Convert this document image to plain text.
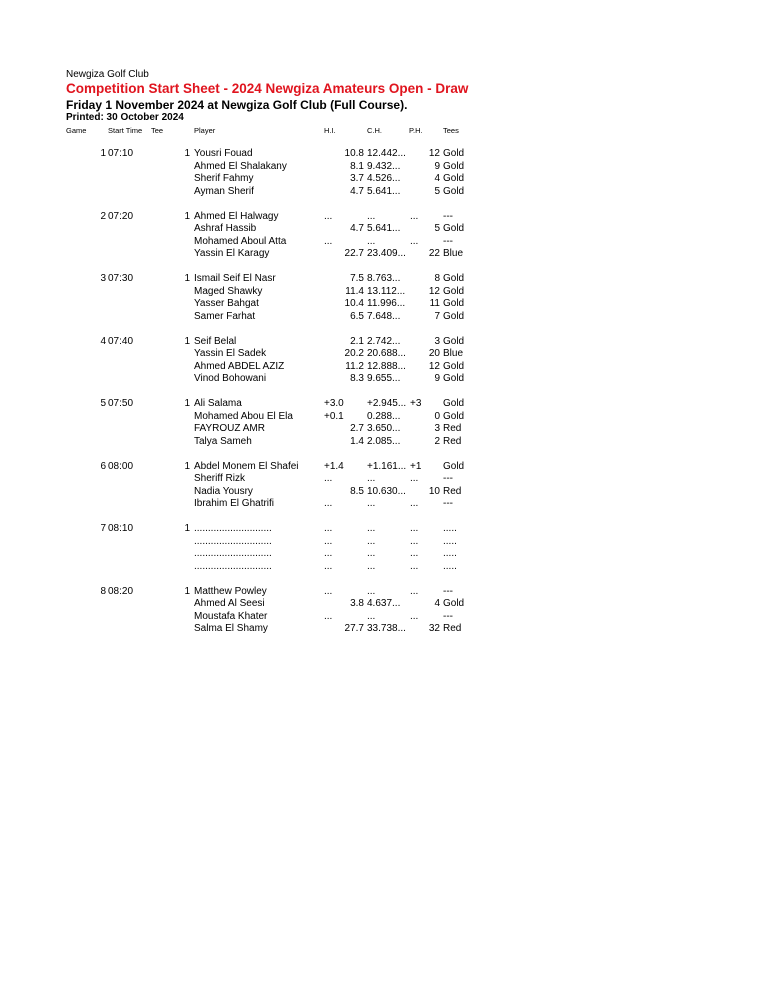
Newgiza Golf Club
Competition Start Sheet - 2024 Newgiza Amateurs Open - Draw
Friday 1 November 2024 at Newgiza Golf Club (Full Course).
Printed: 30 October 2024
Game	Start Time Tee	Player	H.I.	C.H.	P.H.	Tees
1 07:10	1 Yousri Fouad	10.8 12.442...	12 Gold
Ahmed El Shalakany	8.1 9.432...	9 Gold
Sherif Fahmy	3.7 4.526...	4 Gold
Ayman Sherif	4.7 5.641...	5 Gold
2 07:20	1 Ahmed El Halwagy	...	...	...	---
Ashraf Hassib	4.7 5.641...	5 Gold
Mohamed Aboul Atta	...	...	...	---
Yassin El Karagy	22.7 23.409...	22 Blue
3 07:30	1 Ismail Seif El Nasr	7.5 8.763...	8 Gold
Maged Shawky	11.4 13.112...	12 Gold
Yasser Bahgat	10.4 11.996...	11 Gold
Samer Farhat	6.5 7.648...	7 Gold
4 07:40	1 Seif Belal	2.1 2.742...	3 Gold
Yassin El Sadek	20.2 20.688...	20 Blue
Ahmed ABDEL AZIZ	11.2 12.888...	12 Gold
Vinod Bohowani	8.3 9.655...	9 Gold
5 07:50	1 Ali Salama	+3.0	+2.945... +3	Gold
Mohamed Abou El Ela	+0.1	0.288...	0 Gold
FAYROUZ AMR	2.7 3.650...	3 Red
Talya Sameh	1.4 2.085...	2 Red
6 08:00	1 Abdel Monem El Shafei	+1.4	+1.161... +1	Gold
Sheriff Rizk	...	...	...	---
Nadia Yousry	8.5 10.630...	10 Red
Ibrahim El Ghatrifi	...	...	...	---
7 08:10	1 ............................	...	...	...	.....
............................	...	...	...	.....
............................	...	...	...	.....
............................	...	...	...	.....
8 08:20	1 Matthew Powley	...	...	...	---
Ahmed Al Seesi	3.8 4.637...	4 Gold
Moustafa Khater	...	...	...	---
Salma El Shamy	27.7 33.738...	32 Red
